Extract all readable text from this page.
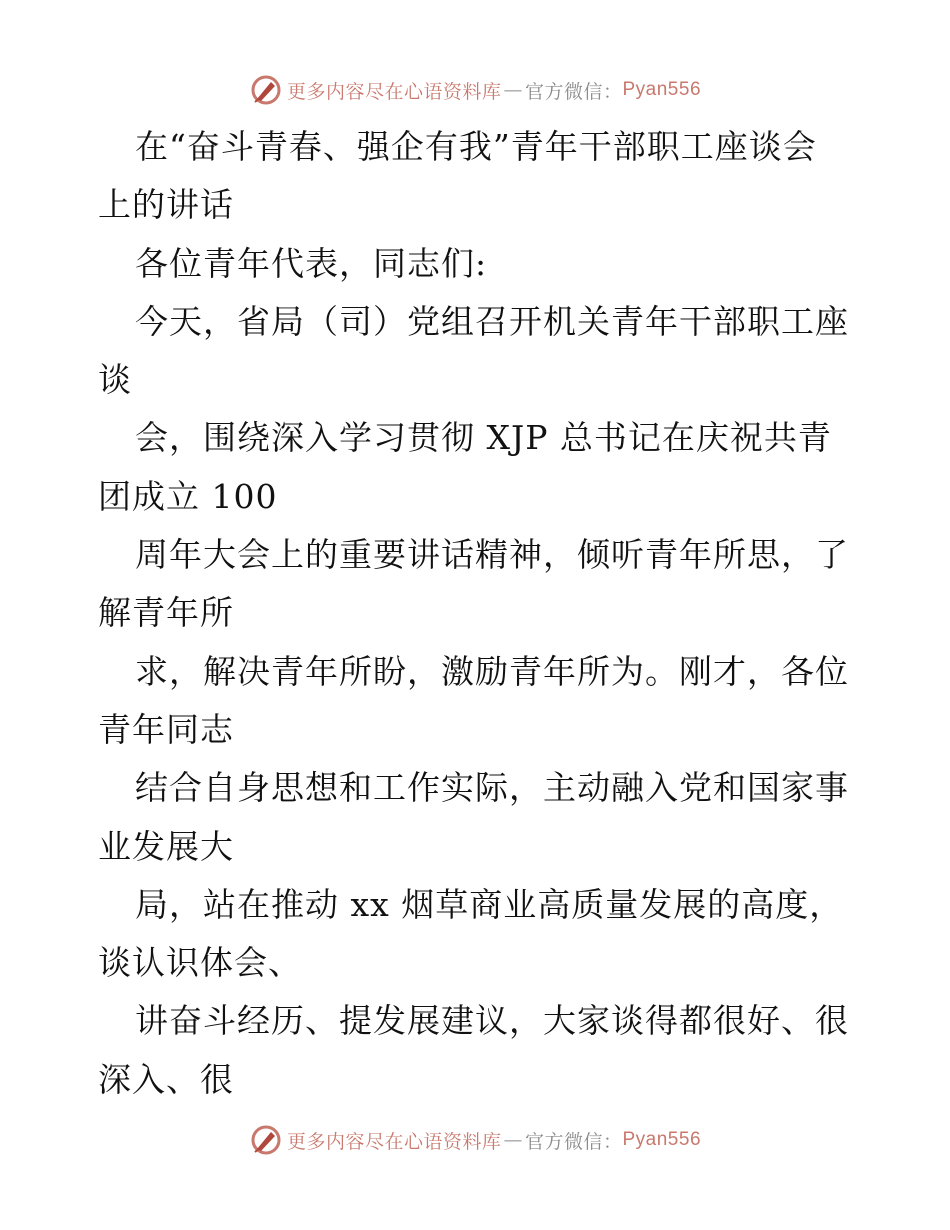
更多内容尽在心语资料库 — 官方微信： Pyan556
在“奋斗青春、强企有我”青年干部职工座谈会
上的讲话
各位青年代表，同志们:
今天，省局（司）党组召开机关青年干部职工座
谈
会，围绕深入学习贯彻 XJP 总书记在庆祝共青
团成立 100
周年大会上的重要讲话精神，倾听青年所思，了
解青年所
求，解决青年所盼，激励青年所为。刚才，各位
青年同志
结合自身思想和工作实际，主动融入党和国家事
业发展大
局，站在推动 xx 烟草商业高质量发展的高度，
谈认识体会、
讲奋斗经历、提发展建议，大家谈得都很好、很
深入、很
更多内容尽在心语资料库 — 官方微信： Pyan556
